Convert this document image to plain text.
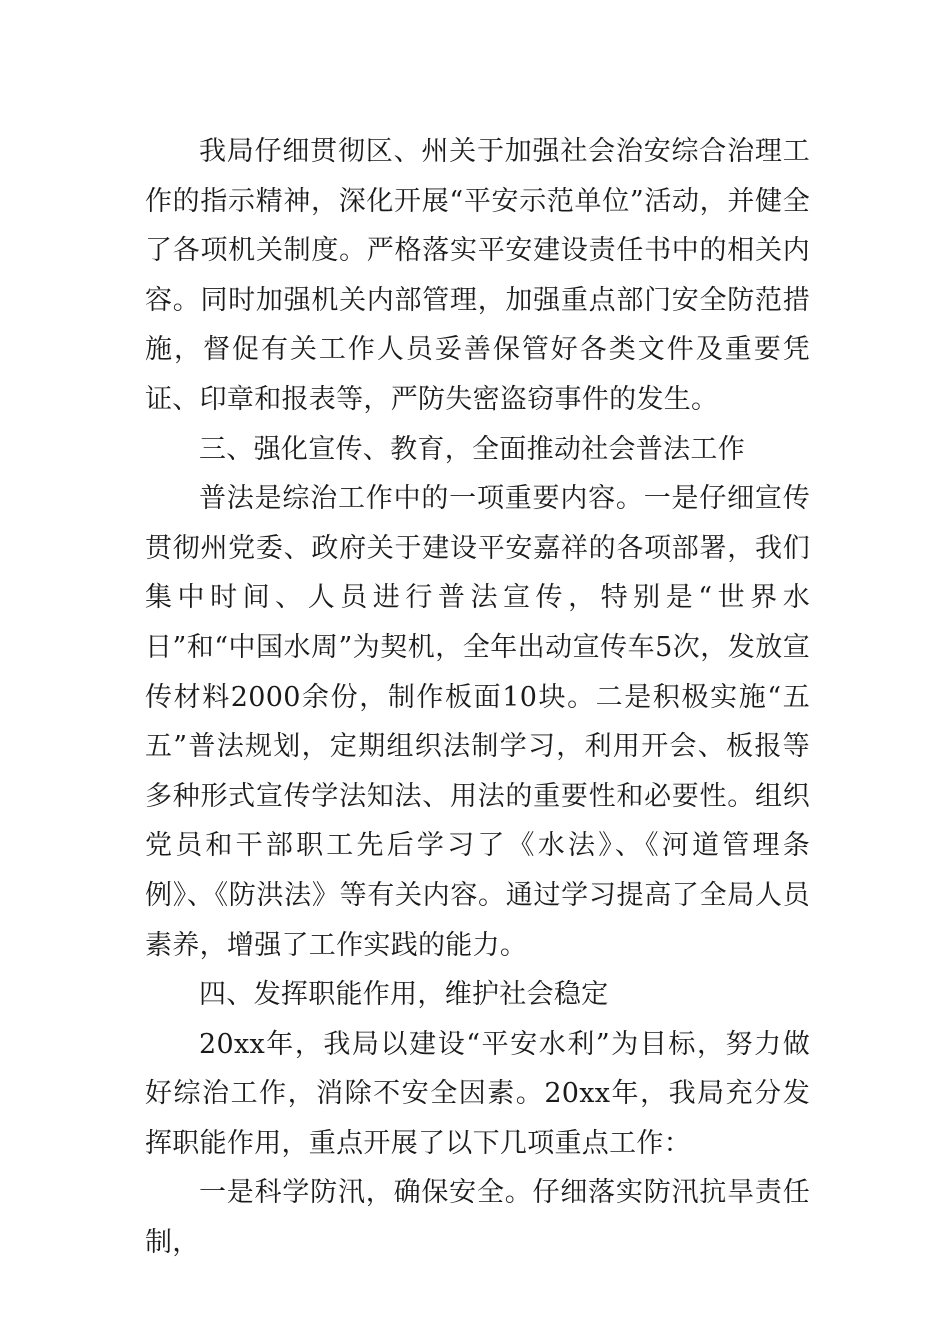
我局仔细贯彻区、州关于加强社会治安综合治理工作的指示精神，深化开展“平安示范单位”活动，并健全了各项机关制度。严格落实平安建设责任书中的相关内容。同时加强机关内部管理，加强重点部门安全防范措施，督促有关工作人员妥善保管好各类文件及重要凭证、印章和报表等，严防失密盗窃事件的发生。

三、强化宣传、教育，全面推动社会普法工作

普法是综治工作中的一项重要内容。一是仔细宣传贯彻州党委、政府关于建设平安嘉祥的各项部署，我们集中时间、人员进行普法宣传，特别是“世界水日”和“中国水周”为契机，全年出动宣传车5次，发放宣传材料2000余份，制作板面10块。二是积极实施“五五”普法规划，定期组织法制学习，利用开会、板报等多种形式宣传学法知法、用法的重要性和必要性。组织党员和干部职工先后学习了《水法》、《河道管理条例》、《防洪法》等有关内容。通过学习提高了全局人员素养，增强了工作实践的能力。

四、发挥职能作用，维护社会稳定

20xx年，我局以建设“平安水利”为目标，努力做好综治工作，消除不安全因素。20xx年，我局充分发挥职能作用，重点开展了以下几项重点工作：

一是科学防汛，确保安全。仔细落实防汛抗旱责任制，
